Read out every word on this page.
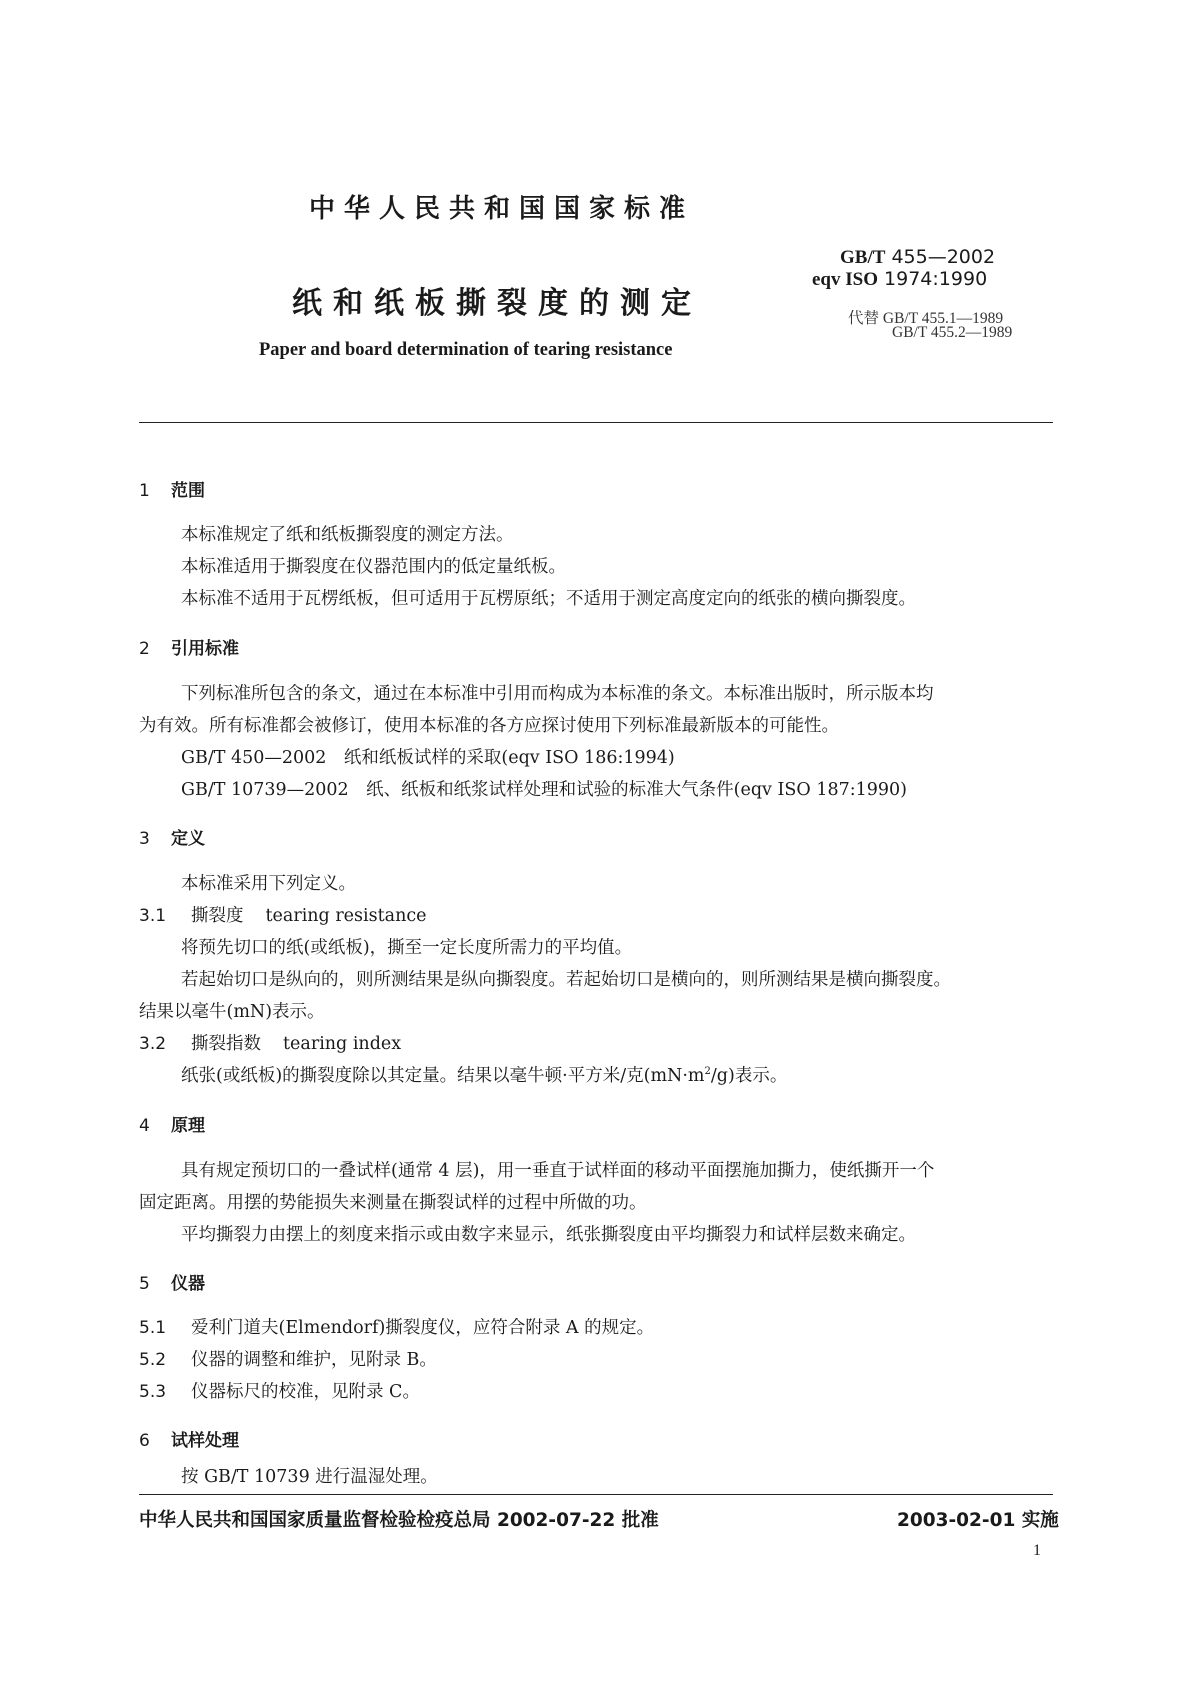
中华人民共和国国家标准
纸和纸板撕裂度的测定
Paper and board determination of tearing resistance
GB/T 455—2002
eqv ISO 1974:1990
代替 GB/T 455.1—1989
GB/T 455.2—1989
1 范围
本标准规定了纸和纸板撕裂度的测定方法。
本标准适用于撕裂度在仪器范围内的低定量纸板。
本标准不适用于瓦楞纸板，但可适用于瓦楞原纸；不适用于测定高度定向的纸张的横向撕裂度。
2 引用标准
下列标准所包含的条文，通过在本标准中引用而构成为本标准的条文。本标准出版时，所示版本均
为有效。所有标准都会被修订，使用本标准的各方应探讨使用下列标准最新版本的可能性。
GB/T 450—2002　纸和纸板试样的采取(eqv ISO 186:1994)
GB/T 10739—2002　纸、纸板和纸浆试样处理和试验的标准大气条件(eqv ISO 187:1990)
3 定义
本标准采用下列定义。
3.1 撕裂度 tearing resistance
将预先切口的纸(或纸板)，撕至一定长度所需力的平均值。
若起始切口是纵向的，则所测结果是纵向撕裂度。若起始切口是横向的，则所测结果是横向撕裂度。
结果以毫牛(mN)表示。
3.2 撕裂指数 tearing index
纸张(或纸板)的撕裂度除以其定量。结果以毫牛顿·平方米/克$(mN\cdot m^2/g)$表示。
4 原理
具有规定预切口的一叠试样(通常 4 层)，用一垂直于试样面的移动平面摆施加撕力，使纸撕开一个
固定距离。用摆的势能损失来测量在撕裂试样的过程中所做的功。
平均撕裂力由摆上的刻度来指示或由数字来显示，纸张撕裂度由平均撕裂力和试样层数来确定。
5 仪器
5.1 爱利门道夫(Elmendorf)撕裂度仪，应符合附录 A 的规定。
5.2 仪器的调整和维护，见附录 B。
5.3 仪器标尺的校准，见附录 C。
6 试样处理
按 GB/T 10739 进行温湿处理。
中华人民共和国国家质量监督检验检疫总局 2002-07-22 批准	2003-02-01 实施
1
